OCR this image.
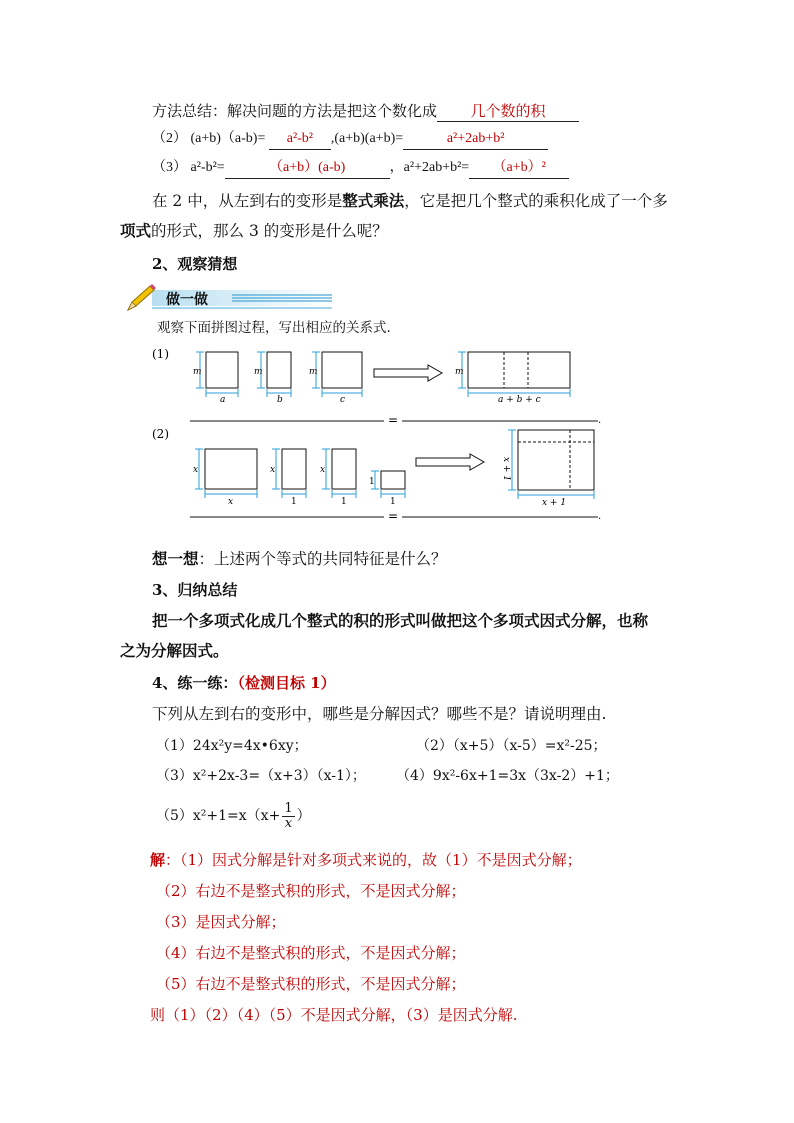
方法总结：解决问题的方法是把这个数化成 几个数的积
（2） (a+b)（a-b)= a²-b² ,(a+b)(a+b)=	a²+2ab+b²
（3） a²-b²=	（a+b）(a-b)	，a²+2ab+b²= （a+b）²
在 2 中，从左到右的变形是整式乘法，它是把几个整式的乘积化成了一个多
项式的形式，那么 3 的变形是什么呢？
2、观察猜想
做一做
观察下面拼图过程，写出相应的关系式.
(1)
m
a
m
b
m
c
m
a + b + c
=	.
(2)
x
x
x
1
x
1
1
1
x + 1
x + 1
=	.
想一想：上述两个等式的共同特征是什么？
3、归纳总结
把一个多项式化成几个整式的积的形式叫做把这个多项式因式分解，也称
之为分解因式。
4、练一练：（检测目标 1）
下列从左到右的变形中，哪些是分解因式？哪些不是？请说明理由.
（1）24x²y=4x•6xy；	（2）（x+5）（x-5）=x²-25；
（3）x²+2x-3=（x+3）（x-1）； （4）9x²-6x+1=3x（3x-2）+1；
$(5)x^2+1=x(x+ \frac{1}{x}$ ）
解：（1）因式分解是针对多项式来说的，故（1）不是因式分解；
（2）右边不是整式积的形式，不是因式分解；
（3）是因式分解；
（4）右边不是整式积的形式，不是因式分解；
（5）右边不是整式积的形式，不是因式分解；
则（1）（2）（4）（5）不是因式分解，（3）是因式分解.
